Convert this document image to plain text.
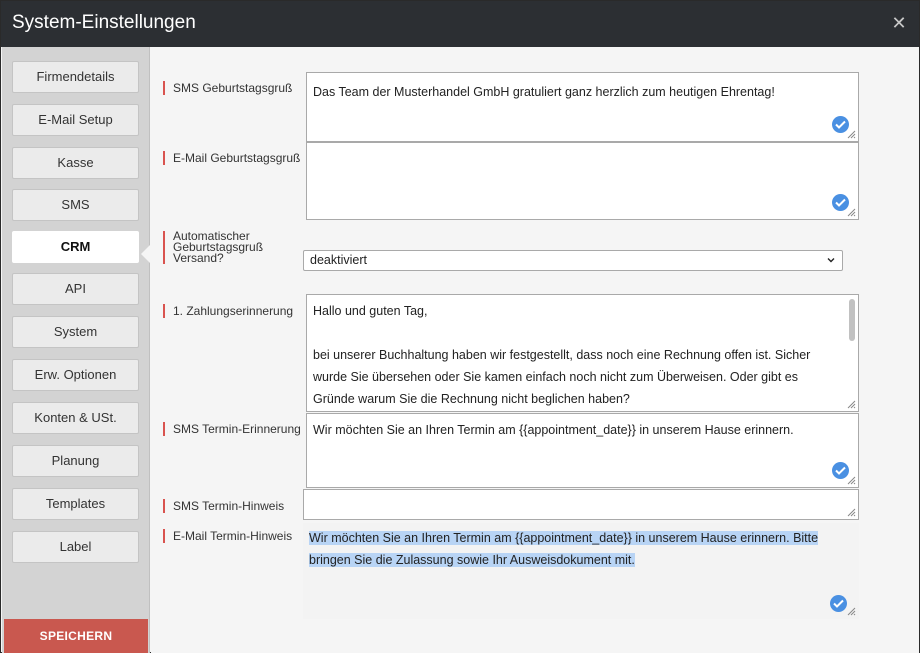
System-Einstellungen	✕
Firmendetails
E-Mail Setup
Kasse
SMS
CRM
API
System
Erw. Optionen
Konten & USt.
Planung
Templates
Label
SPEICHERN
SMS Geburtstagsgruß Das Team der Musterhandel GmbH gratuliert ganz herzlich zum heutigen Ehrentag!
E-Mail Geburtstagsgruß
Automatischer
Geburtstagsgruß
Versand?	deaktiviert
1. Zahlungserinnerung Hallo und guten Tag,
bei unserer Buchhaltung haben wir festgestellt, dass noch eine Rechnung offen ist. Sicher wurde Sie übersehen oder Sie kamen einfach noch nicht zum Überweisen. Oder gibt es Gründe warum Sie die Rechnung nicht beglichen haben?
SMS Termin-Erinnerung Wir möchten Sie an Ihren Termin am {{appointment_date}} in unserem Hause erinnern.
SMS Termin-Hinweis
E-Mail Termin-Hinweis Wir möchten Sie an Ihren Termin am {{appointment_date}} in unserem Hause erinnern. Bitte
bringen Sie die Zulassung sowie Ihr Ausweisdokument mit.
